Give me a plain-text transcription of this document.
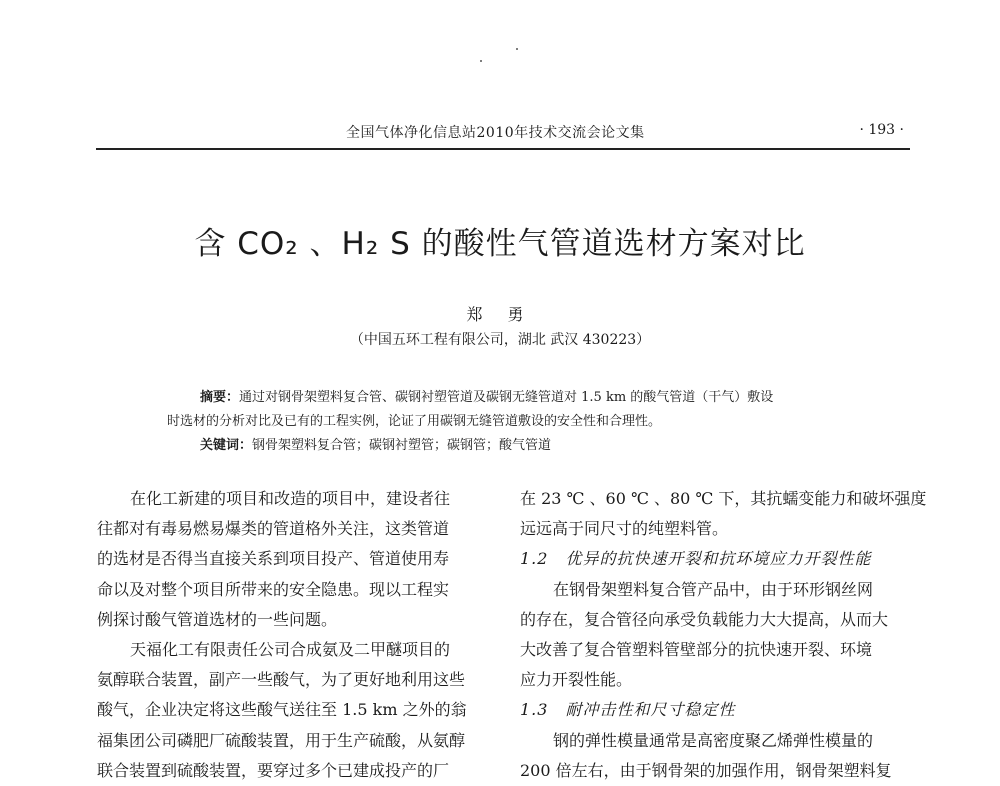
全国气体净化信息站2010年技术交流会论文集	· 193 ·
含 CO₂ 、H₂ S 的酸性气管道选材方案对比
郑 勇
（中国五环工程有限公司，湖北 武汉 430223）
摘要：通过对钢骨架塑料复合管、碳钢衬塑管道及碳钢无缝管道对 1.5 km 的酸气管道（干气）敷设
时选材的分析对比及已有的工程实例，论证了用碳钢无缝管道敷设的安全性和合理性。
关键词：钢骨架塑料复合管；碳钢衬塑管；碳钢管；酸气管道

在化工新建的项目和改造的项目中，建设者往

往都对有毒易燃易爆类的管道格外关注，这类管道

的选材是否得当直接关系到项目投产、管道使用寿

命以及对整个项目所带来的安全隐患。现以工程实

例探讨酸气管道选材的一些问题。

天福化工有限责任公司合成氨及二甲醚项目的

氨醇联合装置，副产一些酸气，为了更好地利用这些

酸气，企业决定将这些酸气送往至 1.5 km 之外的翁

福集团公司磷肥厂硫酸装置，用于生产硫酸，从氨醇

联合装置到硫酸装置，要穿过多个已建成投产的厂

在 23 ℃ 、60 ℃ 、80 ℃ 下，其抗蠕变能力和破坏强度

远远高于同尺寸的纯塑料管。

1.2　优异的抗快速开裂和抗环境应力开裂性能

在钢骨架塑料复合管产品中，由于环形钢丝网

的存在，复合管径向承受负载能力大大提高，从而大

大改善了复合管塑料管壁部分的抗快速开裂、环境

应力开裂性能。

1.3　耐冲击性和尺寸稳定性

钢的弹性模量通常是高密度聚乙烯弹性模量的

200 倍左右，由于钢骨架的加强作用，钢骨架塑料复
